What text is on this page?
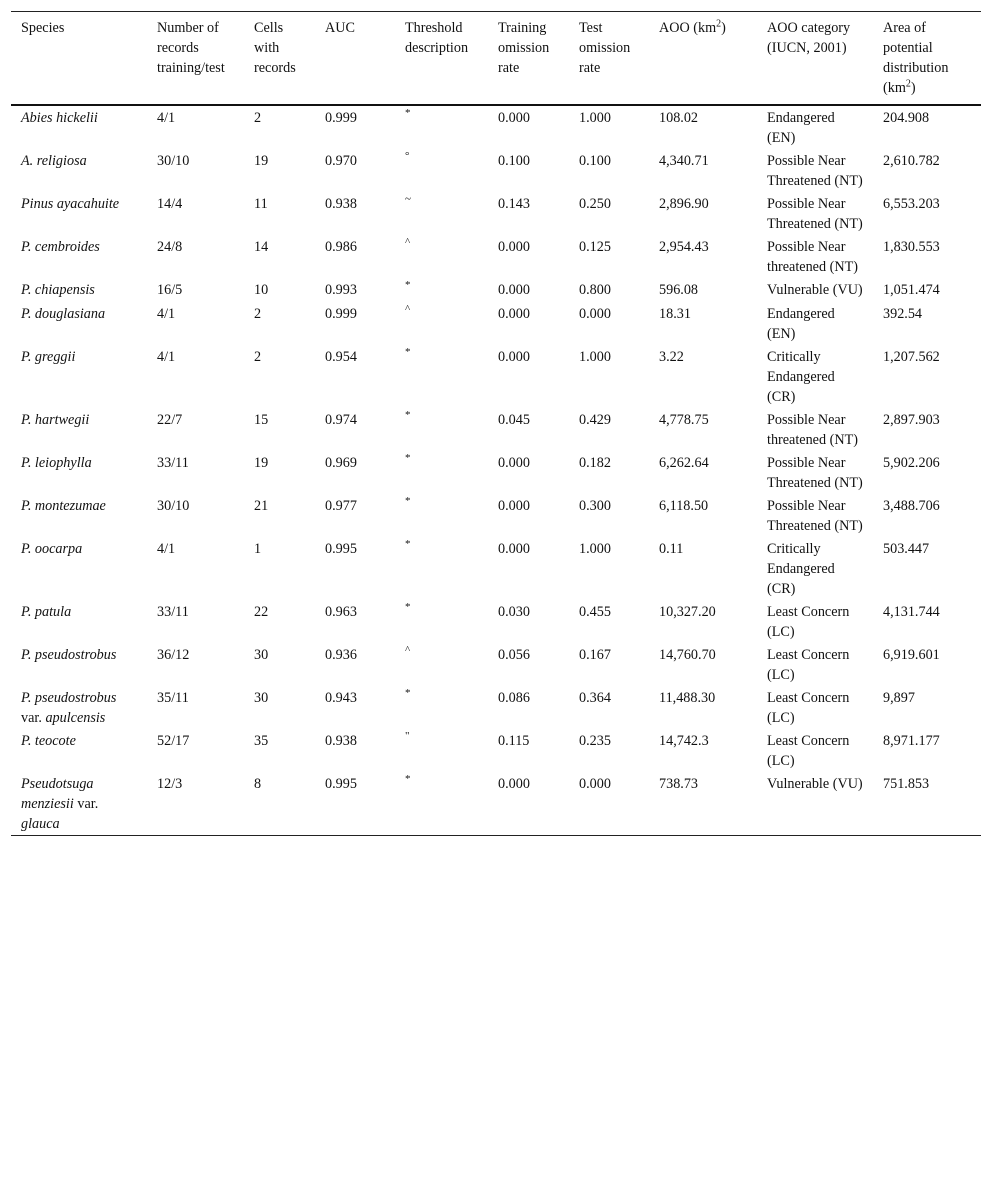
Species	Number of records training/test	Cells with records	AUC	Threshold description	Training omission rate	Test omission rate	AOO $(km^2)$	AOO category (IUCN, 2001)	Area of potential distribution $(km^2)$
Abies hickelii	4/1	2	0.999	*	0.000	1.000	108.02	Endangered (EN)	204.908
A. religiosa	30/10	19	0.970	°	0.100	0.100	4,340.71	Possible Near Threatened (NT)	2,610.782
Pinus ayacahuite	14/4	11	0.938	~	0.143	0.250	2,896.90	Possible Near Threatened (NT)	6,553.203
P. cembroides	24/8	14	0.986	^	0.000	0.125	2,954.43	Possible Near threatened (NT)	1,830.553
P. chiapensis	16/5	10	0.993	*	0.000	0.800	596.08	Vulnerable (VU)	1,051.474
P. douglasiana	4/1	2	0.999	^	0.000	0.000	18.31	Endangered (EN)	392.54
P. greggii	4/1	2	0.954	*	0.000	1.000	3.22	Critically Endangered (CR)	1,207.562
P. hartwegii	22/7	15	0.974	*	0.045	0.429	4,778.75	Possible Near threatened (NT)	2,897.903
P. leiophylla	33/11	19	0.969	*	0.000	0.182	6,262.64	Possible Near Threatened (NT)	5,902.206
P. montezumae	30/10	21	0.977	*	0.000	0.300	6,118.50	Possible Near Threatened (NT)	3,488.706
P. oocarpa	4/1	1	0.995	*	0.000	1.000	0.11	Critically Endangered (CR)	503.447
P. patula	33/11	22	0.963	*	0.030	0.455	10,327.20	Least Concern (LC)	4,131.744
P. pseudostrobus	36/12	30	0.936	^	0.056	0.167	14,760.70	Least Concern (LC)	6,919.601
P. pseudostrobus var. apulcensis	35/11	30	0.943	*	0.086	0.364	11,488.30	Least Concern (LC)	9,897
P. teocote	52/17	35	0.938	"	0.115	0.235	14,742.3	Least Concern (LC)	8,971.177
Pseudotsuga menziesii var. glauca	12/3	8	0.995	*	0.000	0.000	738.73	Vulnerable (VU)	751.853
